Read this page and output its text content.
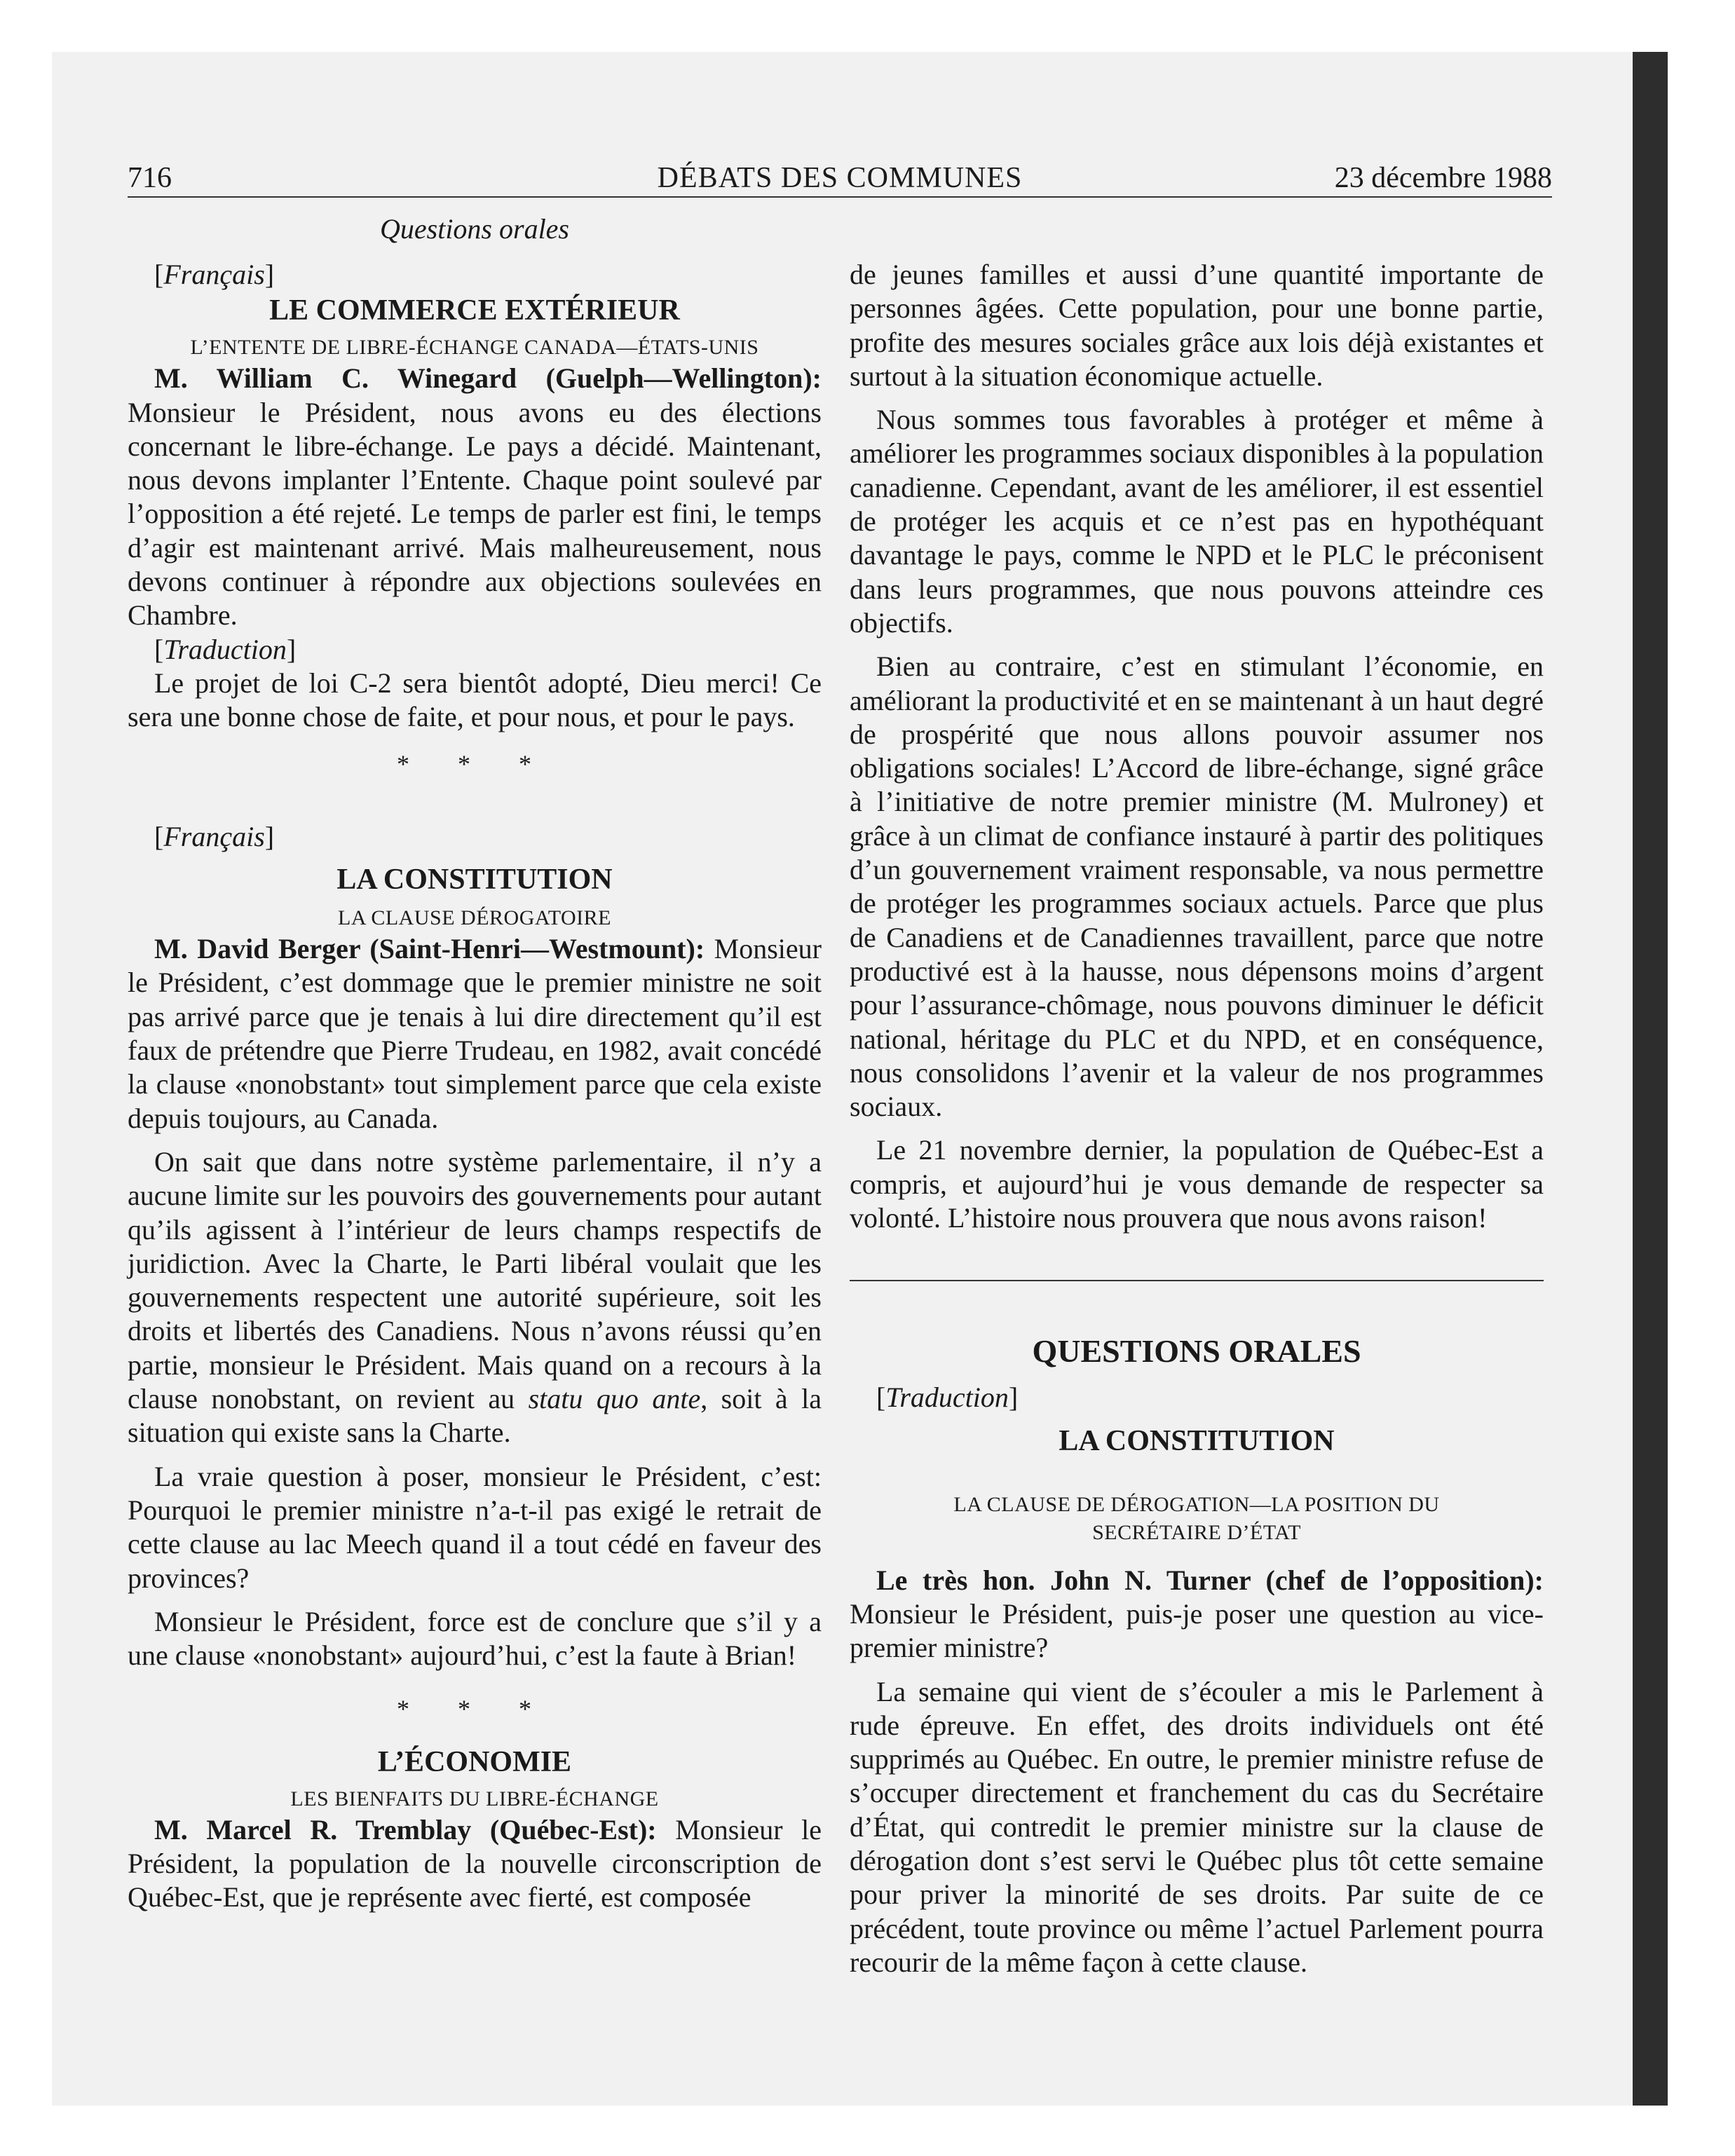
716	DÉBATS DES COMMUNES	23 décembre 1988
Questions orales

[Français]

LE COMMERCE EXTÉRIEUR
L’ENTENTE DE LIBRE-ÉCHANGE CANADA—ÉTATS-UNIS

M. William C. Winegard (Guelph—Wellington): Monsieur le Président, nous avons eu des élections concernant le libre-échange. Le pays a décidé. Maintenant, nous devons implanter l’Entente. Chaque point soulevé par l’opposition a été rejeté. Le temps de parler est fini, le temps d’agir est maintenant arrivé. Mais malheureusement, nous devons continuer à répondre aux objections soulevées en Chambre.

[Traduction]

Le projet de loi C-2 sera bientôt adopté, Dieu merci! Ce sera une bonne chose de faite, et pour nous, et pour le pays.

* * *

[Français]

LA CONSTITUTION
LA CLAUSE DÉROGATOIRE

M. David Berger (Saint-Henri—Westmount): Monsieur le Président, c’est dommage que le premier ministre ne soit pas arrivé parce que je tenais à lui dire directement qu’il est faux de prétendre que Pierre Trudeau, en 1982, avait concédé la clause «nonobstant» tout simplement parce que cela existe depuis toujours, au Canada.

On sait que dans notre système parlementaire, il n’y a aucune limite sur les pouvoirs des gouvernements pour autant qu’ils agissent à l’intérieur de leurs champs respectifs de juridiction. Avec la Charte, le Parti libéral voulait que les gouvernements respectent une autorité supérieure, soit les droits et libertés des Canadiens. Nous n’avons réussi qu’en partie, monsieur le Président. Mais quand on a recours à la clause nonobstant, on revient au statu quo ante, soit à la situation qui existe sans la Charte.

La vraie question à poser, monsieur le Président, c’est: Pourquoi le premier ministre n’a-t-il pas exigé le retrait de cette clause au lac Meech quand il a tout cédé en faveur des provinces?

Monsieur le Président, force est de conclure que s’il y a une clause «nonobstant» aujourd’hui, c’est la faute à Brian!

* * *
L’ÉCONOMIE
LES BIENFAITS DU LIBRE-ÉCHANGE

M. Marcel R. Tremblay (Québec-Est): Monsieur le Président, la population de la nouvelle circonscription de Québec-Est, que je représente avec fierté, est composée

de jeunes familles et aussi d’une quantité importante de personnes âgées. Cette population, pour une bonne partie, profite des mesures sociales grâce aux lois déjà existantes et surtout à la situation économique actuelle.

Nous sommes tous favorables à protéger et même à améliorer les programmes sociaux disponibles à la population canadienne. Cependant, avant de les améliorer, il est essentiel de protéger les acquis et ce n’est pas en hypothéquant davantage le pays, comme le NPD et le PLC le préconisent dans leurs programmes, que nous pouvons atteindre ces objectifs.

Bien au contraire, c’est en stimulant l’économie, en améliorant la productivité et en se maintenant à un haut degré de prospérité que nous allons pouvoir assumer nos obligations sociales! L’Accord de libre-échange, signé grâce à l’initiative de notre premier ministre (M. Mulroney) et grâce à un climat de confiance instauré à partir des politiques d’un gouvernement vraiment responsable, va nous permettre de protéger les programmes sociaux actuels. Parce que plus de Canadiens et de Canadiennes travaillent, parce que notre productivé est à la hausse, nous dépensons moins d’argent pour l’assurance-chômage, nous pouvons diminuer le déficit national, héritage du PLC et du NPD, et en conséquence, nous consolidons l’avenir et la valeur de nos programmes sociaux.

Le 21 novembre dernier, la population de Québec-Est a compris, et aujourd’hui je vous demande de respecter sa volonté. L’histoire nous prouvera que nous avons raison!

QUESTIONS ORALES

[Traduction]

LA CONSTITUTION
LA CLAUSE DE DÉROGATION—LA POSITION DU SECRÉTAIRE D’ÉTAT

Le très hon. John N. Turner (chef de l’opposition): Monsieur le Président, puis-je poser une question au vice-premier ministre?

La semaine qui vient de s’écouler a mis le Parlement à rude épreuve. En effet, des droits individuels ont été supprimés au Québec. En outre, le premier ministre refuse de s’occuper directement et franchement du cas du Secrétaire d’État, qui contredit le premier ministre sur la clause de dérogation dont s’est servi le Québec plus tôt cette semaine pour priver la minorité de ses droits. Par suite de ce précédent, toute province ou même l’actuel Parlement pourra recourir de la même façon à cette clause.
